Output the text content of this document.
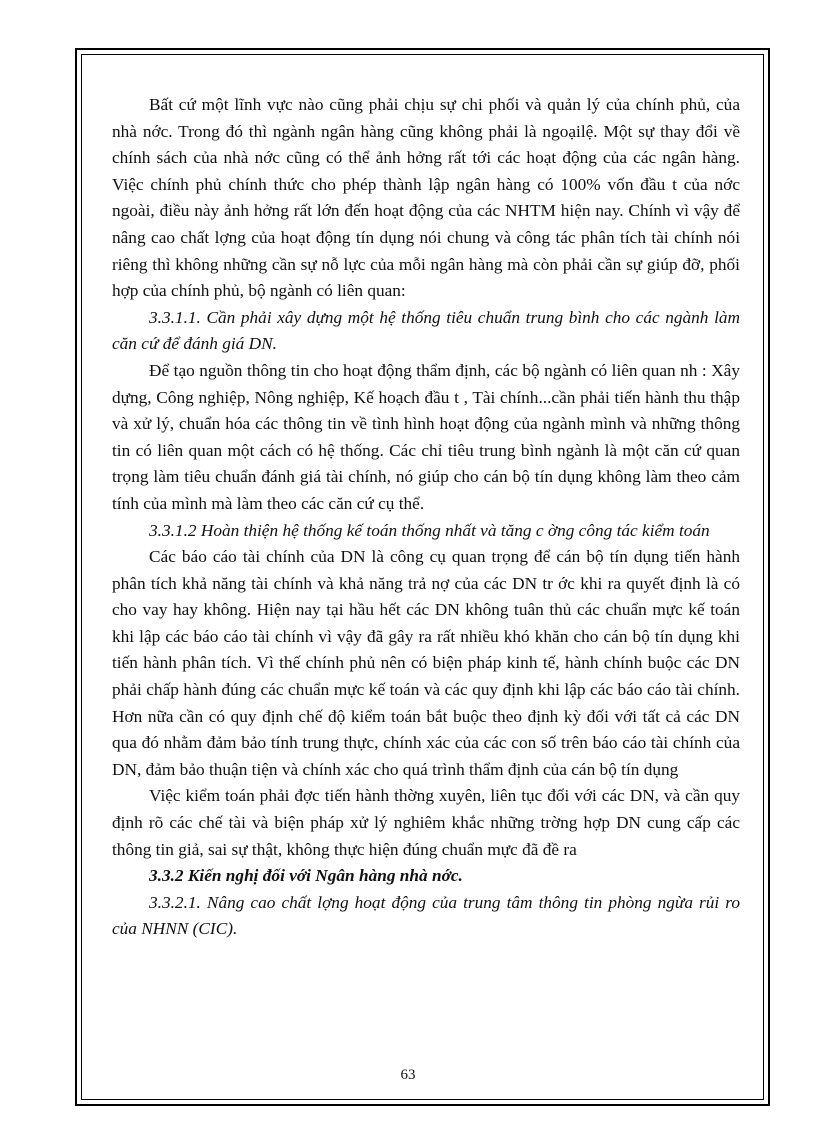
Bất cứ một lĩnh vực nào cũng phải chịu sự chi phối và quản lý của chính phủ, của nhà nớc. Trong đó thì ngành ngân hàng cũng không phải là ngoạilệ. Một sự thay đổi về chính sách của nhà nớc cũng có thể ảnh hởng rất tới các hoạt động của các ngân hàng. Việc chính phủ chính thức cho phép thành lập ngân hàng có 100% vốn đầu t của nớc ngoài, điều này ảnh hởng rất lớn đến hoạt động của các NHTM hiện nay. Chính vì vậy để nâng cao chất lợng của hoạt động tín dụng nói chung và công tác phân tích tài chính nói riêng thì không những cần sự nỗ lực của mỗi ngân hàng mà còn phải cần sự giúp đỡ, phối hợp của chính phủ, bộ ngành có liên quan:

3.3.1.1. Cần phải xây dựng một hệ thống tiêu chuẩn trung bình cho các ngành làm căn cứ để đánh giá DN.

Để tạo nguồn thông tin cho hoạt động thẩm định, các bộ ngành có liên quan nh : Xây dựng, Công nghiệp, Nông nghiệp, Kế hoạch đầu t , Tài chính...cần phải tiến hành thu thập và xử lý, chuẩn hóa các thông tin về tình hình hoạt động của ngành mình và những thông tin có liên quan một cách có hệ thống. Các chỉ tiêu trung bình ngành là một căn cứ quan trọng làm tiêu chuẩn đánh giá tài chính, nó giúp cho cán bộ tín dụng không làm theo cảm tính của mình mà làm theo các căn cứ cụ thể.

3.3.1.2 Hoàn thiện hệ thống kế toán thống nhất và tăng c ờng công tác kiểm toán

Các báo cáo tài chính của DN là công cụ quan trọng để cán bộ tín dụng tiến hành phân tích khả năng tài chính và khả năng trả nợ của các DN tr ớc khi ra quyết định là có cho vay hay không. Hiện nay tại hầu hết các DN không tuân thủ các chuẩn mực kế toán khi lập các báo cáo tài chính vì vậy đã gây ra rất nhiều khó khăn cho cán bộ tín dụng khi tiến hành phân tích. Vì thế chính phủ nên có biện pháp kinh tế, hành chính buộc các DN phải chấp hành đúng các chuẩn mực kế toán và các quy định khi lập các báo cáo tài chính. Hơn nữa cần có quy định chế độ kiểm toán bắt buộc theo định kỳ đối với tất cả các DN qua đó nhằm đảm bảo tính trung thực, chính xác của các con số trên báo cáo tài chính của DN, đảm bảo thuận tiện và chính xác cho quá trình thẩm định của cán bộ tín dụng

Việc kiểm toán phải đợc tiến hành thờng xuyên, liên tục đối với các DN, và cần quy định rõ các chế tài và biện pháp xử lý nghiêm khắc những trờng hợp DN cung cấp các thông tin giả, sai sự thật, không thực hiện đúng chuẩn mực đã đề ra

3.3.2 Kiến nghị đối với Ngân hàng nhà nớc.

3.3.2.1. Nâng cao chất lợng hoạt động của trung tâm thông tin phòng ngừa rủi ro của NHNN (CIC).

63
